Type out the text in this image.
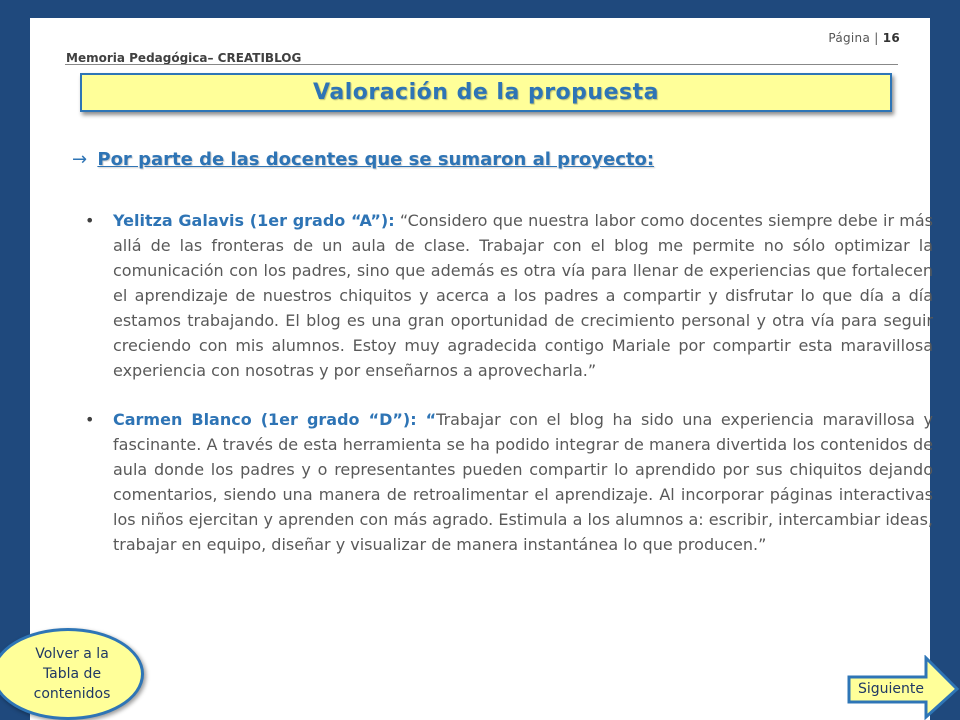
Página | 16
Memoria Pedagógica– CREATIBLOG
Valoración de la propuesta
→ Por parte de las docentes que se sumaron al proyecto:
• Yelitza Galavis (1er grado “A”): “Considero que nuestra labor como docentes siempre debe ir más allá de las fronteras de un aula de clase. Trabajar con el blog me permite no sólo optimizar la comunicación con los padres, sino que además es otra vía para llenar de experiencias que fortalecen el aprendizaje de nuestros chiquitos y acerca a los padres a compartir y disfrutar lo que día a día estamos trabajando. El blog es una gran oportunidad de crecimiento personal y otra vía para seguir creciendo con mis alumnos. Estoy muy agradecida contigo Mariale por compartir esta maravillosa experiencia con nosotras y por enseñarnos a aprovecharla.”
• Carmen Blanco (1er grado “D”): “Trabajar con el blog ha sido una experiencia maravillosa y fascinante. A través de esta herramienta se ha podido integrar de manera divertida los contenidos de aula donde los padres y o representantes pueden compartir lo aprendido por sus chiquitos dejando comentarios, siendo una manera de retroalimentar el aprendizaje. Al incorporar páginas interactivas los niños ejercitan y aprenden con más agrado. Estimula a los alumnos a: escribir, intercambiar ideas, trabajar en equipo, diseñar y visualizar de manera instantánea lo que producen.”
Volver a la Tabla de contenidos	Siguiente
